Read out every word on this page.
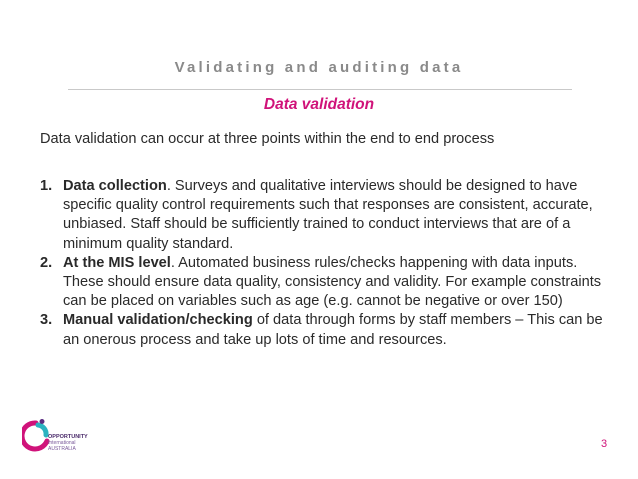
Validating and auditing data
Data validation
Data validation can occur at three points within the end to end process
1. Data collection. Surveys and qualitative interviews should be designed to have specific quality control requirements such that responses are consistent, accurate, unbiased. Staff should be sufficiently trained to conduct interviews that are of a minimum quality standard.
2. At the MIS level. Automated business rules/checks happening with data inputs. These should ensure data quality, consistency and validity. For example constraints can be placed on variables such as age (e.g. cannot be negative or over 150)
3. Manual validation/checking of data through forms by staff members – This can be an onerous process and take up lots of time and resources.
OPPORTUNITY
International
AUSTRALIA	3
